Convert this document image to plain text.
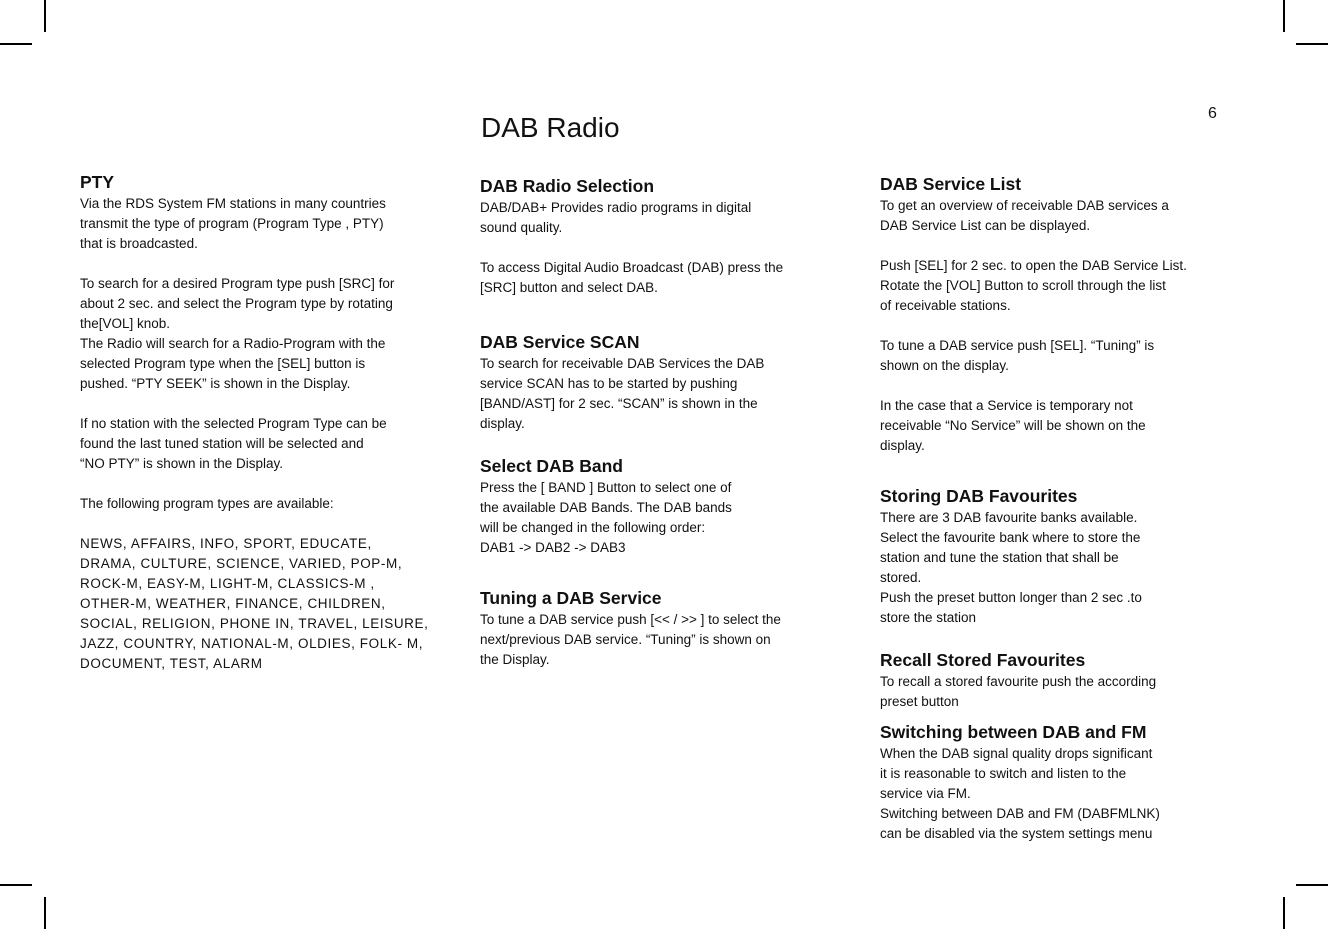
DAB Radio	6
PTY

Via the RDS System FM stations in many countries
transmit the type of program (Program Type , PTY)
that is broadcasted.

To search for a desired Program type push [SRC] for
about 2 sec. and select the Program type by rotating
the[VOL] knob.
The Radio will search for a Radio-Program with the
selected Program type when the [SEL] button is
pushed. “PTY SEEK” is shown in the Display.

If no station with the selected Program Type can be
found the last tuned station will be selected and
“NO PTY” is shown in the Display.

The following program types are available:

NEWS, AFFAIRS, INFO, SPORT, EDUCATE,
DRAMA, CULTURE, SCIENCE, VARIED, POP-M,
ROCK-M, EASY-M, LIGHT-M, CLASSICS-M ,
OTHER-M, WEATHER, FINANCE, CHILDREN,
SOCIAL, RELIGION, PHONE IN, TRAVEL, LEISURE,
JAZZ, COUNTRY, NATIONAL-M, OLDIES, FOLK- M,
DOCUMENT, TEST, ALARM

DAB Radio Selection

DAB/DAB+ Provides radio programs in digital
sound quality.

To access Digital Audio Broadcast (DAB) press the
[SRC] button and select DAB.

DAB Service SCAN

To search for receivable DAB Services the DAB
service SCAN has to be started by pushing
[BAND/AST] for 2 sec. “SCAN” is shown in the
display.

Select DAB Band

Press the [ BAND ] Button to select one of
the available DAB Bands. The DAB bands
will be changed in the following order:
DAB1 -> DAB2 -> DAB3

Tuning a DAB Service

To tune a DAB service push [<< / >> ] to select the
next/previous DAB service. “Tuning” is shown on
the Display.

DAB Service List

To get an overview of receivable DAB services a
DAB Service List can be displayed.

Push [SEL] for 2 sec. to open the DAB Service List.
Rotate the [VOL] Button to scroll through the list
of receivable stations.

To tune a DAB service push [SEL]. “Tuning” is
shown on the display.

In the case that a Service is temporary not
receivable “No Service” will be shown on the
display.

Storing DAB Favourites

There are 3 DAB favourite banks available.
Select the favourite bank where to store the
station and tune the station that shall be
stored.
Push the preset button longer than 2 sec .to
store the station

Recall Stored Favourites

To recall a stored favourite push the according
preset button

Switching between DAB and FM

When the DAB signal quality drops significant
it is reasonable to switch and listen to the
service via FM.
Switching between DAB and FM (DABFMLNK)
can be disabled via the system settings menu
